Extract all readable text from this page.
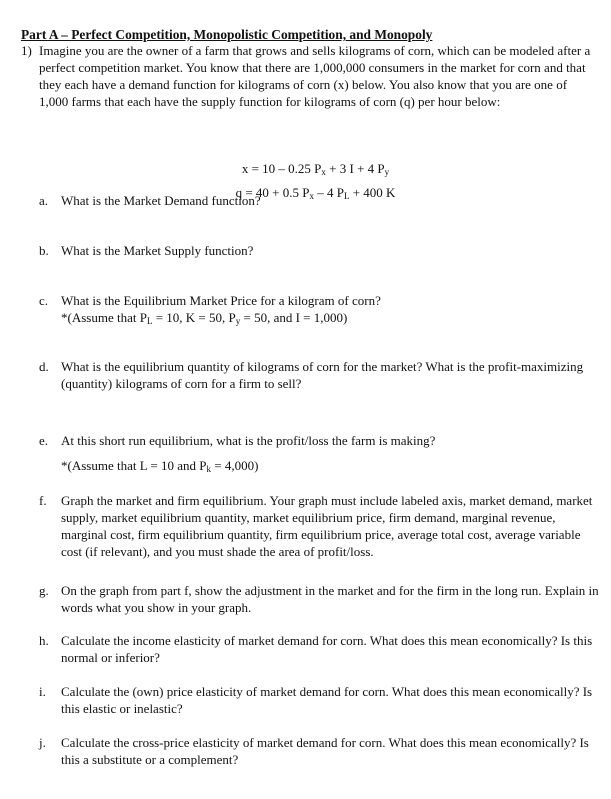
Part A – Perfect Competition, Monopolistic Competition, and Monopoly
1) Imagine you are the owner of a farm that grows and sells kilograms of corn, which can be modeled after a perfect competition market. You know that there are 1,000,000 consumers in the market for corn and that they each have a demand function for kilograms of corn (x) below. You also know that you are one of 1,000 farms that each have the supply function for kilograms of corn (q) per hour below:
x = 10 – 0.25 $P_x + 3$ I + 4 $P_y$
q = 40 + 0.5 $P_x - 4$ $P_L + 400$ K
a. What is the Market Demand function?
b. What is the Market Supply function?
c. What is the Equilibrium Market Price for a kilogram of corn?
*(Assume that $P_L = 10$, K = 50, $P_y = 50$, and I = 1,000)
d. What is the equilibrium quantity of kilograms of corn for the market? What is the profit-maximizing (quantity) kilograms of corn for a firm to sell?
e. At this short run equilibrium, what is the profit/loss the farm is making?
*(Assume that L = 10 and $P_k = 4,000$)
f. Graph the market and firm equilibrium. Your graph must include labeled axis, market demand, market supply, market equilibrium quantity, market equilibrium price, firm demand, marginal revenue, marginal cost, firm equilibrium quantity, firm equilibrium price, average total cost, average variable cost (if relevant), and you must shade the area of profit/loss.
g. On the graph from part f, show the adjustment in the market and for the firm in the long run. Explain in words what you show in your graph.
h. Calculate the income elasticity of market demand for corn. What does this mean economically? Is this normal or inferior?
i. Calculate the (own) price elasticity of market demand for corn. What does this mean economically? Is this elastic or inelastic?
j. Calculate the cross-price elasticity of market demand for corn. What does this mean economically? Is this a substitute or a complement?
